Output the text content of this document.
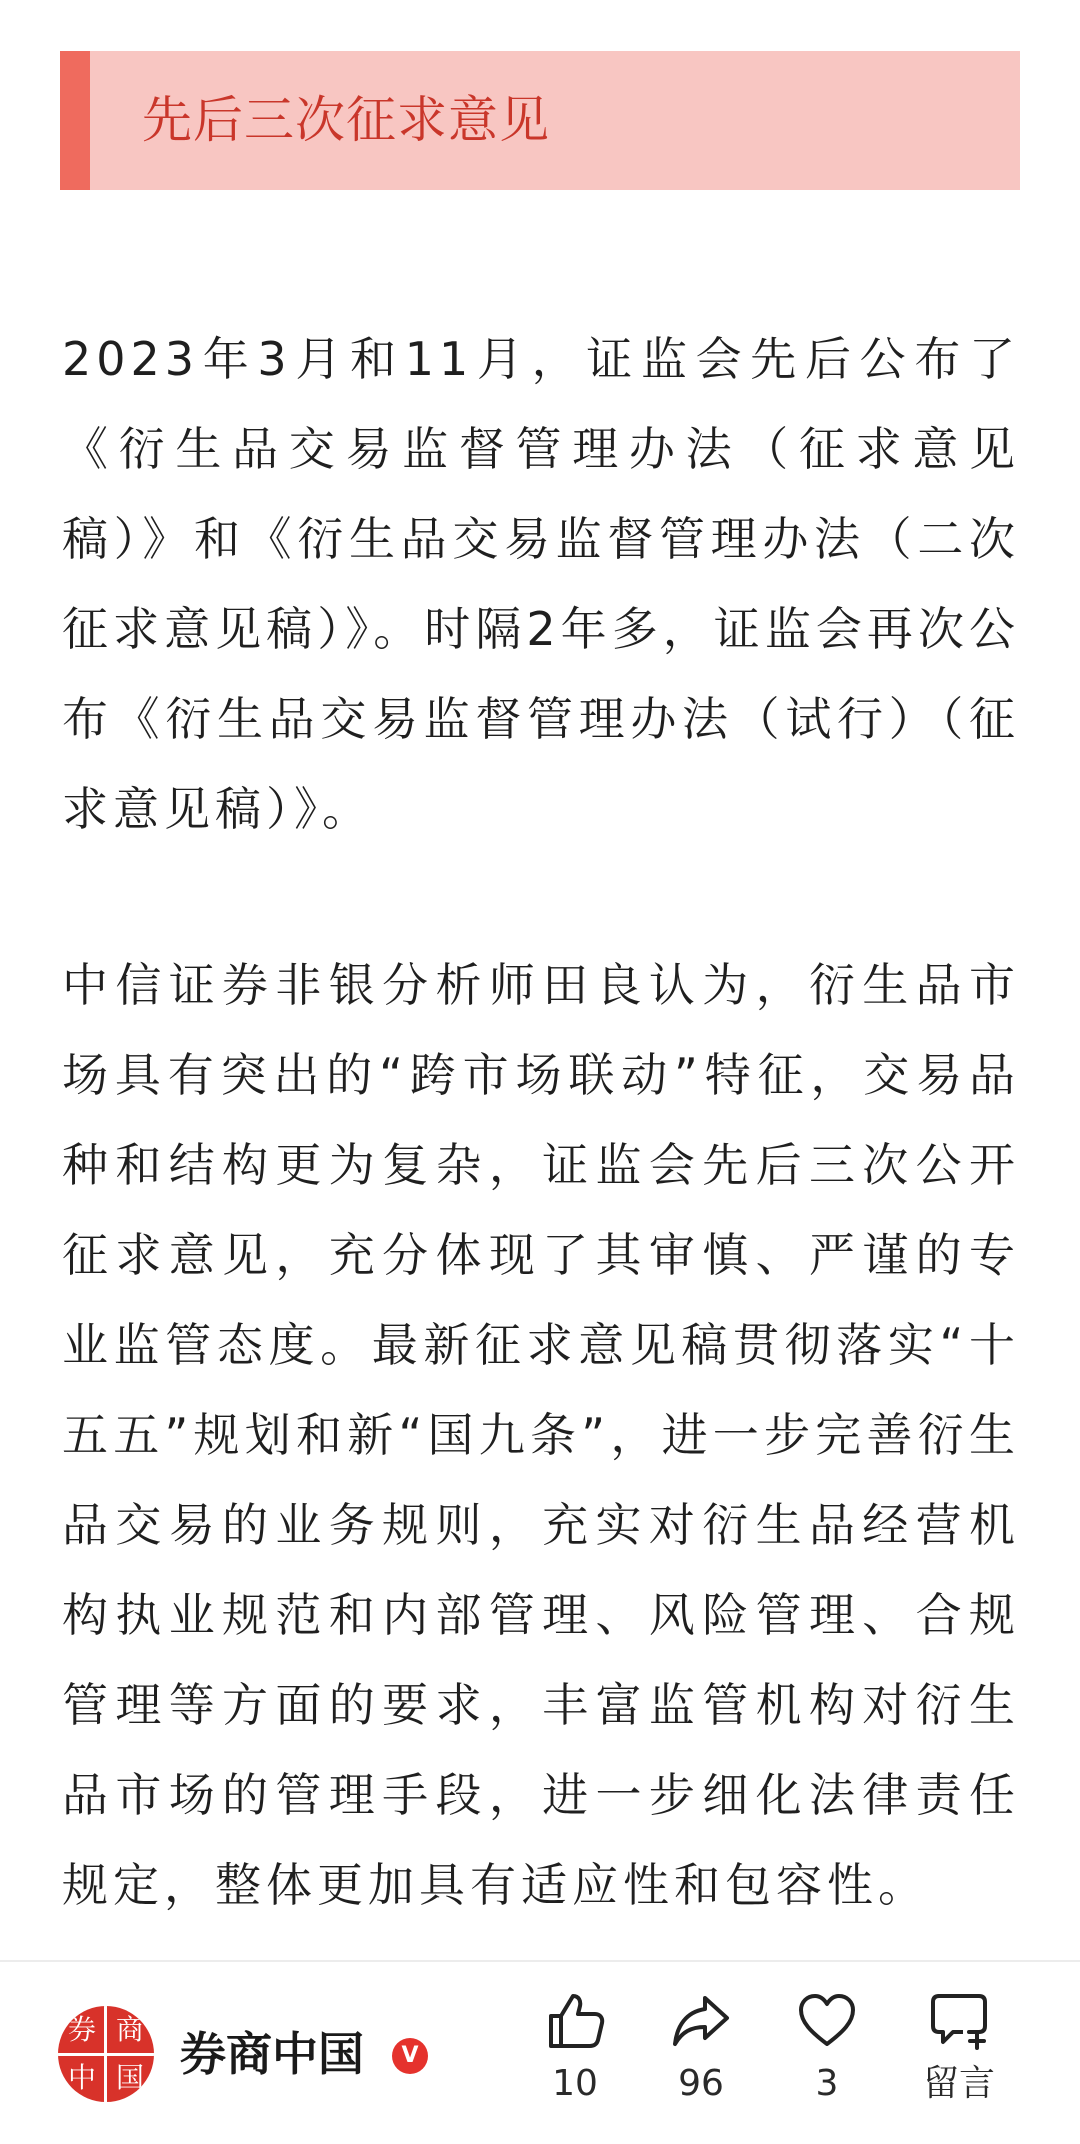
先后三次征求意见

2023年3月和11月，证监会先后公布了《衍生品交易监督管理办法（征求意见稿）》和《衍生品交易监督管理办法（二次征求意见稿）》。时隔2年多，证监会再次公布《衍生品交易监督管理办法（试行）（征求意见稿）》。

中信证券非银分析师田良认为，衍生品市场具有突出的“跨市场联动”特征，交易品种和结构更为复杂，证监会先后三次公开征求意见，充分体现了其审慎、严谨的专业监管态度。最新征求意见稿贯彻落实“十五五”规划和新“国九条”，进一步完善衍生品交易的业务规则，充实对衍生品经营机构执业规范和内部管理、风险管理、合规管理等方面的要求，丰富监管机构对衍生品市场的管理手段，进一步细化法律责任规定，整体更加具有适应性和包容性。

券 商
中 国 券商中国	V
10	96	3	留言
